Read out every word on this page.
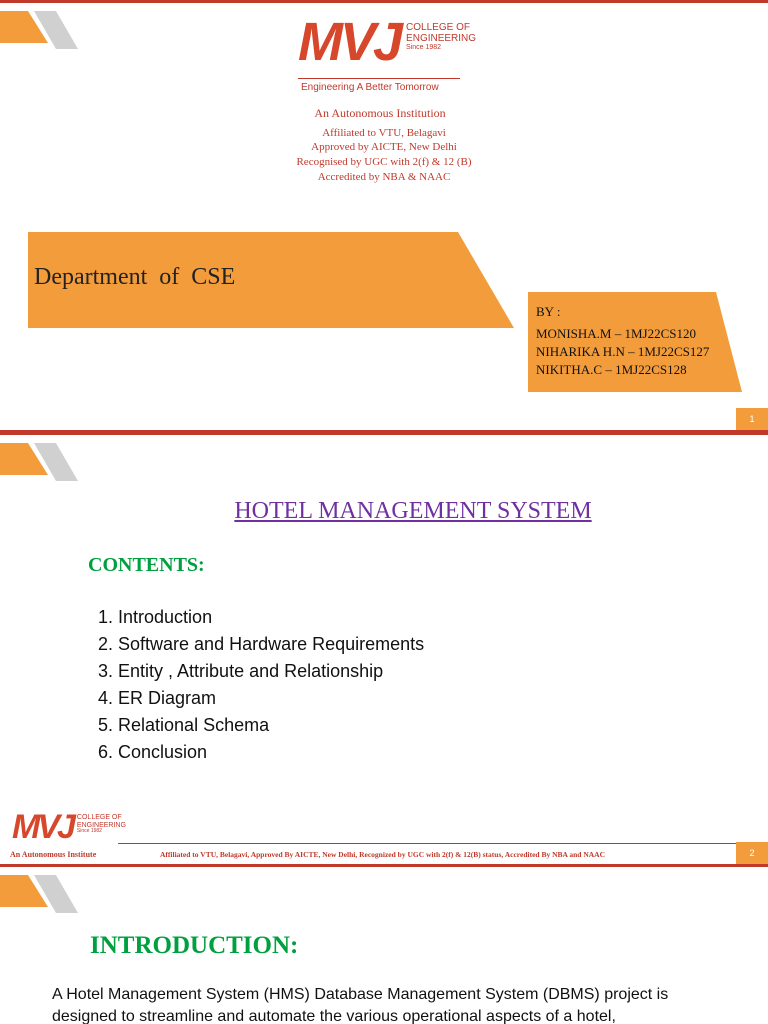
MVJ COLLEGE OF
ENGINEERING
Since 1982
Engineering A Better Tomorrow
An Autonomous Institution
Affiliated to VTU, Belagavi
Approved by AICTE, New Delhi
Recognised by UGC with 2(f) & 12 (B)
Accredited by NBA & NAAC
Department  of  CSE
BY :
MONISHA.M – 1MJ22CS120
NIHARIKA H.N – 1MJ22CS127
NIKITHA.C – 1MJ22CS128
1
HOTEL MANAGEMENT SYSTEM
CONTENTS:
1. Introduction
2. Software and Hardware Requirements
3. Entity , Attribute and Relationship
4. ER Diagram
5. Relational Schema
6. Conclusion
MVJ COLLEGE OF
ENGINEERING
Since 1982
An Autonomous Institute	Affiliated to VTU, Belagavi, Approved By AICTE, New Delhi, Recognized by UGC with 2(f) & 12(B) status, Accredited By NBA and NAAC	2
INTRODUCTION:
A Hotel Management System (HMS) Database Management System (DBMS) project is designed to streamline and automate the various operational aspects of a hotel,
